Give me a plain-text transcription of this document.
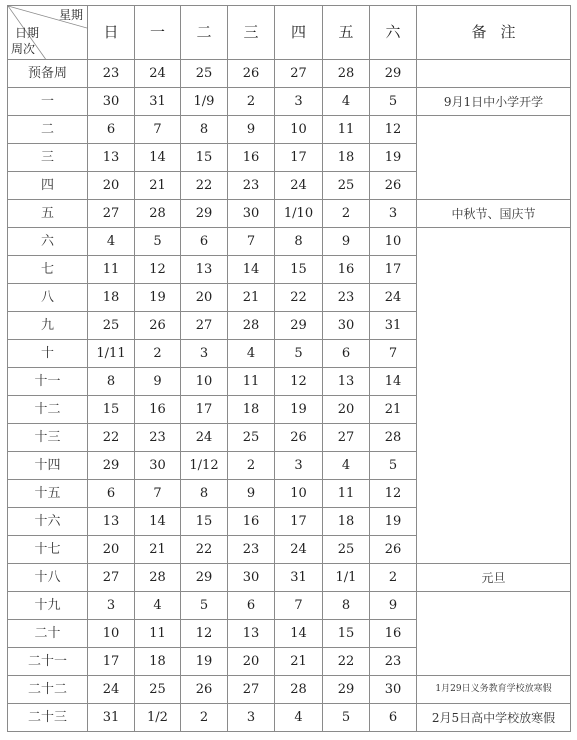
星期
日期
周次	日	一	二	三	四	五	六	备注
预备周	23	24	25	26	27	28	29	
一	30	31	1/9	2	3	4	5	9月1日中小学开学
二	6	7	8	9	10	11	12	
三	13	14	15	16	17	18	19	
四	20	21	22	23	24	25	26	
五	27	28	29	30	1/10	2	3	中秋节、国庆节
六	4	5	6	7	8	9	10	
七	11	12	13	14	15	16	17	
八	18	19	20	21	22	23	24	
九	25	26	27	28	29	30	31	
十	1/11	2	3	4	5	6	7	
十一	8	9	10	11	12	13	14	
十二	15	16	17	18	19	20	21	
十三	22	23	24	25	26	27	28	
十四	29	30	1/12	2	3	4	5	
十五	6	7	8	9	10	11	12	
十六	13	14	15	16	17	18	19	
十七	20	21	22	23	24	25	26	
十八	27	28	29	30	31	1/1	2	元旦
十九	3	4	5	6	7	8	9	
二十	10	11	12	13	14	15	16	
二十一	17	18	19	20	21	22	23	
二十二	24	25	26	27	28	29	30	1月29日义务教育学校放寒假
二十三	31	1/2	2	3	4	5	6	2月5日高中学校放寒假
